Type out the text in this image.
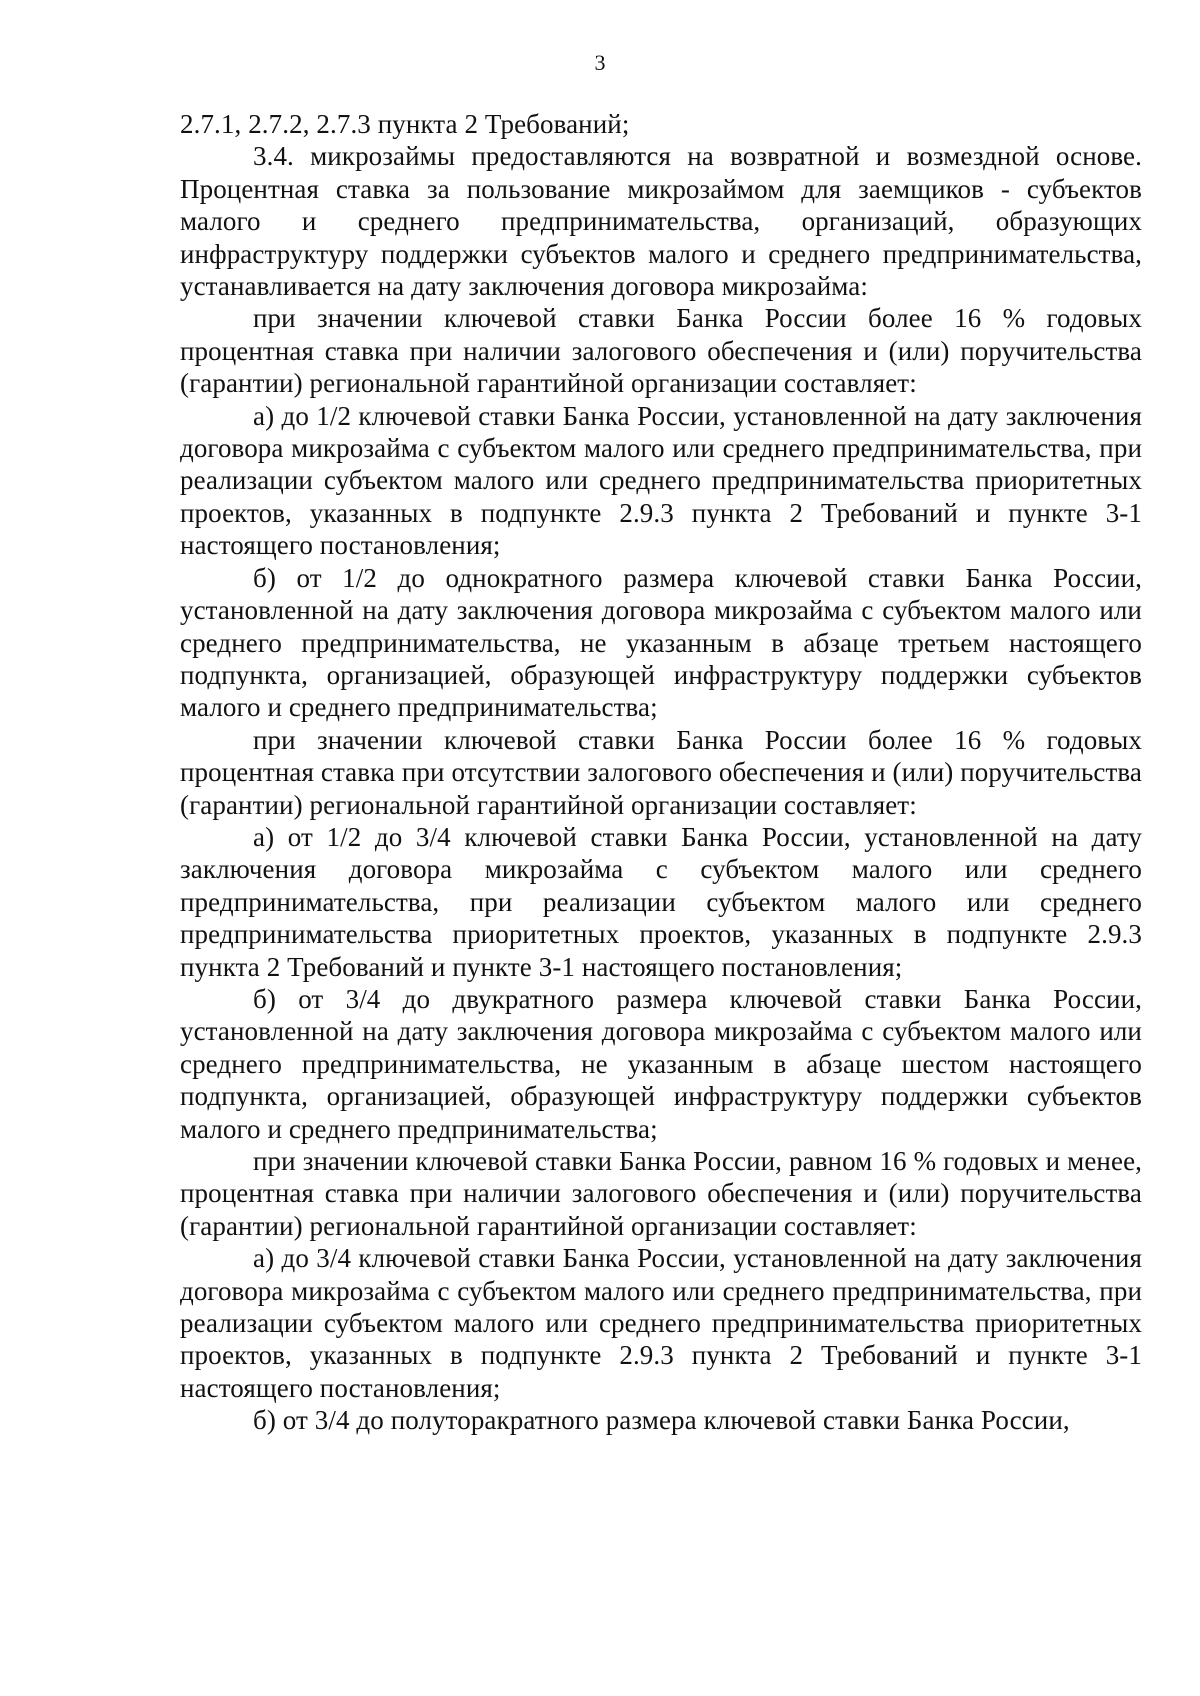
3

2.7.1, 2.7.2, 2.7.3 пункта 2 Требований;

3.4. микрозаймы предоставляются на возвратной и возмездной основе. Процентная ставка за пользование микрозаймом для заемщиков - субъектов малого и среднего предпринимательства, организаций, образующих инфраструктуру поддержки субъектов малого и среднего предпринимательства, устанавливается на дату заключения договора микрозайма:

при значении ключевой ставки Банка России более 16 % годовых процентная ставка при наличии залогового обеспечения и (или) поручительства (гарантии) региональной гарантийной организации составляет:

а) до 1/2 ключевой ставки Банка России, установленной на дату заключения договора микрозайма с субъектом малого или среднего предпринимательства, при реализации субъектом малого или среднего предпринимательства приоритетных проектов, указанных в подпункте 2.9.3 пункта 2 Требований и пункте 3-1 настоящего постановления;

б) от 1/2 до однократного размера ключевой ставки Банка России, установленной на дату заключения договора микрозайма с субъектом малого или среднего предпринимательства, не указанным в абзаце третьем настоящего подпункта, организацией, образующей инфраструктуру поддержки субъектов малого и среднего предпринимательства;

при значении ключевой ставки Банка России более 16 % годовых процентная ставка при отсутствии залогового обеспечения и (или) поручительства (гарантии) региональной гарантийной организации составляет:

а) от 1/2 до 3/4 ключевой ставки Банка России, установленной на дату заключения договора микрозайма с субъектом малого или среднего предпринимательства, при реализации субъектом малого или среднего предпринимательства приоритетных проектов, указанных в подпункте 2.9.3 пункта 2 Требований и пункте 3-1 настоящего постановления;

б) от 3/4 до двукратного размера ключевой ставки Банка России, установленной на дату заключения договора микрозайма с субъектом малого или среднего предпринимательства, не указанным в абзаце шестом настоящего подпункта, организацией, образующей инфраструктуру поддержки субъектов малого и среднего предпринимательства;

при значении ключевой ставки Банка России, равном 16 % годовых и менее, процентная ставка при наличии залогового обеспечения и (или) поручительства (гарантии) региональной гарантийной организации составляет:

а) до 3/4 ключевой ставки Банка России, установленной на дату заключения договора микрозайма с субъектом малого или среднего предпринимательства, при реализации субъектом малого или среднего предпринимательства приоритетных проектов, указанных в подпункте 2.9.3 пункта 2 Требований и пункте 3-1 настоящего постановления;

б) от 3/4 до полуторакратного размера ключевой ставки Банка России,
